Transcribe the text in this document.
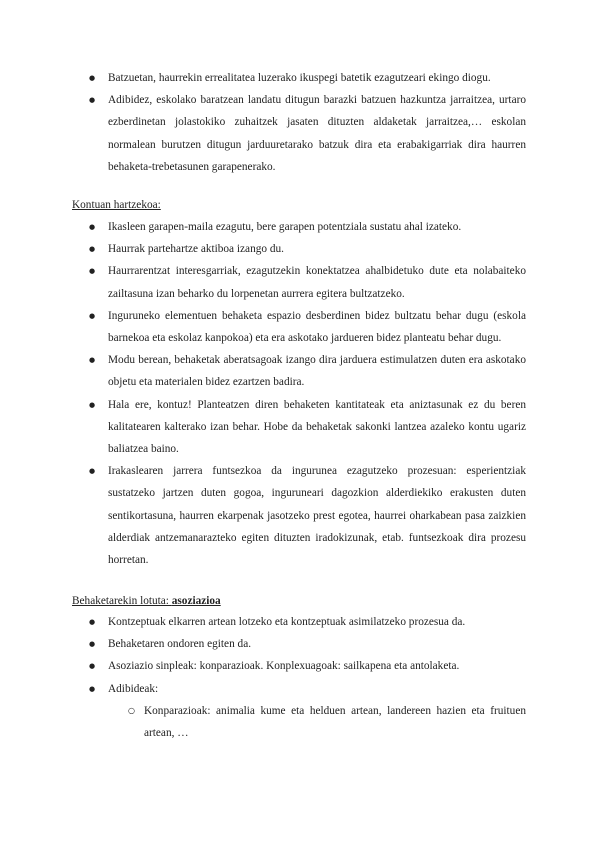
● Batzuetan, haurrekin errealitatea luzerako ikuspegi batetik ezagutzeari ekingo diogu.
● Adibidez, eskolako baratzean landatu ditugun barazki batzuen hazkuntza jarraitzea, urtaro ezberdinetan jolastokiko zuhaitzek jasaten dituzten aldaketak jarraitzea,… eskolan normalean burutzen ditugun jarduuretarako batzuk dira eta erabakigarriak dira haurren behaketa-trebetasunen garapenerako.
Kontuan hartzekoa:
● Ikasleen garapen-maila ezagutu, bere garapen potentziala sustatu ahal izateko.
● Haurrak partehartze aktiboa izango du.
● Haurrarentzat interesgarriak, ezagutzekin konektatzea ahalbidetuko dute eta nolabaiteko zailtasuna izan beharko du lorpenetan aurrera egitera bultzatzeko.
● Inguruneko elementuen behaketa espazio desberdinen bidez bultzatu behar dugu (eskola barnekoa eta eskolaz kanpokoa) eta era askotako jardueren bidez planteatu behar dugu.
● Modu berean, behaketak aberatsagoak izango dira jarduera estimulatzen duten era askotako objetu eta materialen bidez ezartzen badira.
● Hala ere, kontuz! Planteatzen diren behaketen kantitateak eta aniztasunak ez du beren kalitatearen kalterako izan behar. Hobe da behaketak sakonki lantzea azaleko kontu ugariz baliatzea baino.
● Irakaslearen jarrera funtsezkoa da ingurunea ezagutzeko prozesuan: esperientziak sustatzeko jartzen duten gogoa, inguruneari dagozkion alderdiekiko erakusten duten sentikortasuna, haurren ekarpenak jasotzeko prest egotea, haurrei oharkabean pasa zaizkien alderdiak antzemanarazteko egiten dituzten iradokizunak, etab. funtsezkoak dira prozesu horretan.
Behaketarekin lotuta: asoziazioa
● Kontzeptuak elkarren artean lotzeko eta kontzeptuak asimilatzeko prozesua da.
● Behaketaren ondoren egiten da.
● Asoziazio sinpleak: konparazioak. Konplexuagoak: sailkapena eta antolaketa.
● Adibideak:
○ Konparazioak: animalia kume eta helduen artean, landereen hazien eta fruituen artean, …
